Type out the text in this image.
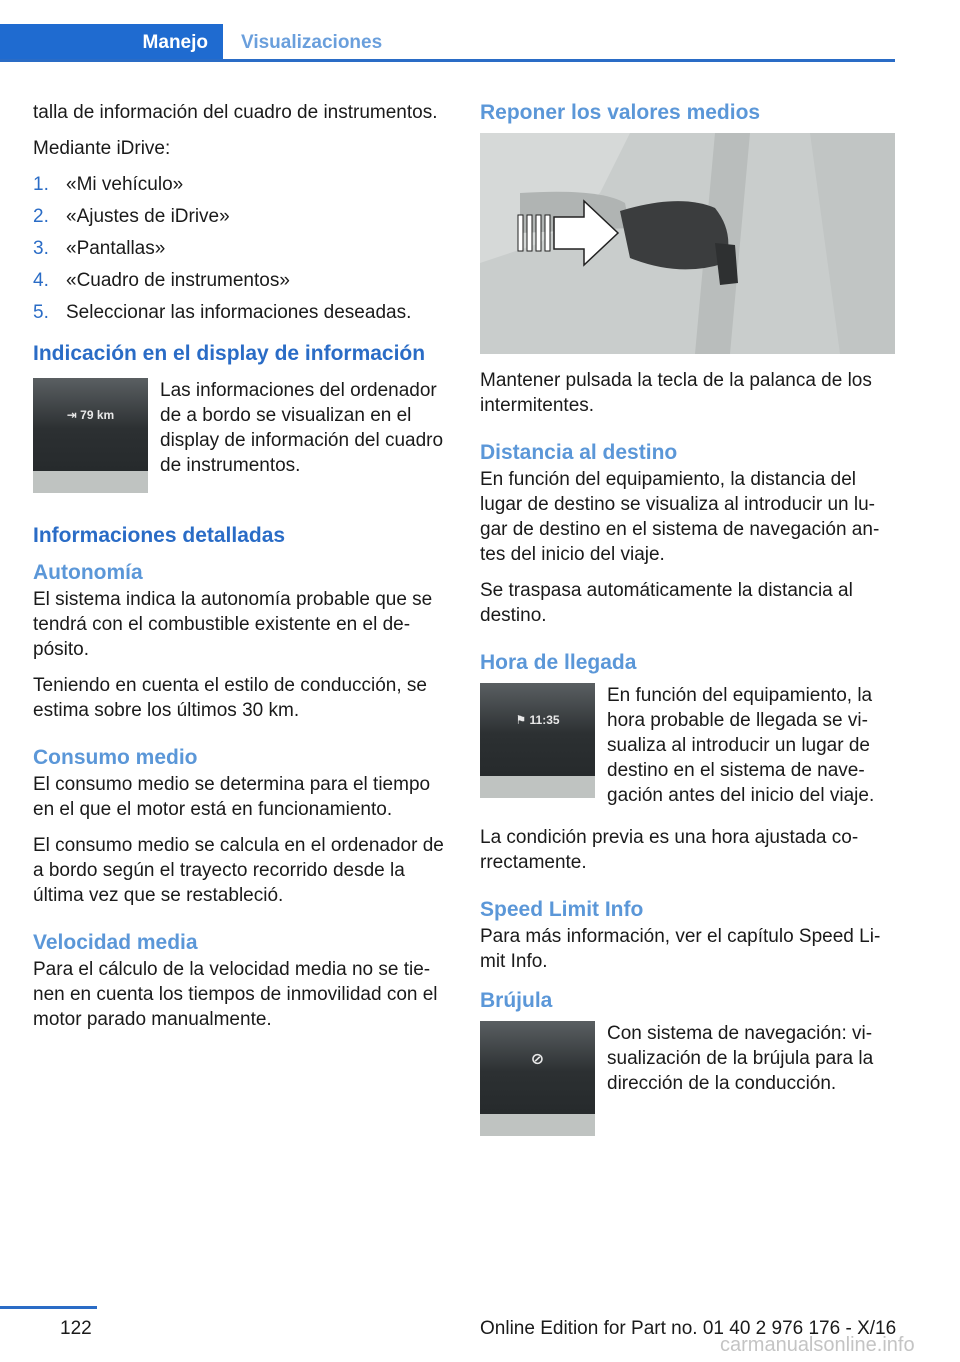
Manejo	Visualizaciones

talla de información del cuadro de instrumentos.

Mediante iDrive:

1. «Mi vehículo»
2. «Ajustes de iDrive»
3. «Pantallas»
4. «Cuadro de instrumentos»
5. Seleccionar las informaciones deseadas.
Indicación en el display de información
⇥ 79 km

Las informaciones del ordenador de a bordo se visualizan en el display de información del cuadro de instrumentos.

Informaciones detalladas
Autonomía

El sistema indica la autonomía probable que se tendrá con el combustible existente en el depósito.

Teniendo en cuenta el estilo de conducción, se estima sobre los últimos 30 km.

Consumo medio

El consumo medio se determina para el tiempo en el que el motor está en funcionamiento.

El consumo medio se calcula en el ordenador de a bordo según el trayecto recorrido desde la última vez que se restableció.

Velocidad media

Para el cálculo de la velocidad media no se tienen en cuenta los tiempos de inmovilidad con el motor parado manualmente.

Reponer los valores medios

Mantener pulsada la tecla de la palanca de los intermitentes.

Distancia al destino

En función del equipamiento, la distancia del lugar de destino se visualiza al introducir un lugar de destino en el sistema de navegación antes del inicio del viaje.

Se traspasa automáticamente la distancia al destino.

Hora de llegada
⚑ 11:35

En función del equipamiento, la hora probable de llegada se visualiza al introducir un lugar de destino en el sistema de navegación antes del inicio del viaje.

La condición previa es una hora ajustada correctamente.

Speed Limit Info

Para más información, ver el capítulo Speed Limit Info.

Brújula
⊘

Con sistema de navegación: visualización de la brújula para la dirección de la conducción.

122	Online Edition for Part no. 01 40 2 976 176 - X/16
carmanualsonline.info
